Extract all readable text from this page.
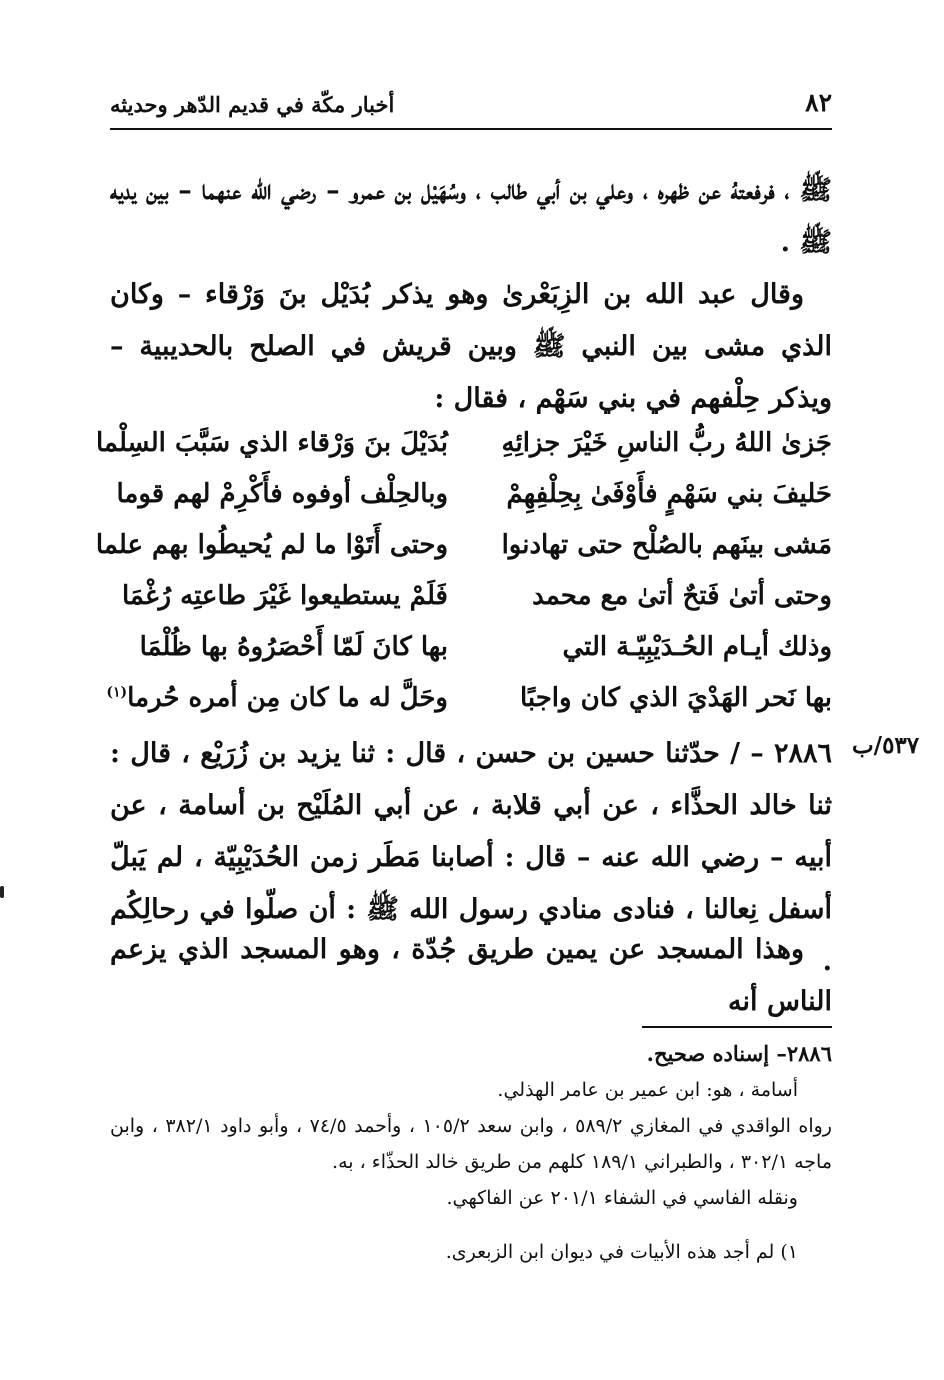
٨٢
أخبار مكّة في قديم الدّهر وحديثه

ﷺ ، فرفعتهُ عن ظهره ، وعلي بن أبي طالب ، وسُهَيْل بن عمرو – رضي الله عنهما – بين يديه ﷺ .

وقال عبد الله بن الزِبَعْرىٰ وهو يذكر بُدَيْل بنَ وَرْقاء – وكان الذي مشى بين النبي ﷺ وبين قريش في الصلح بالحديبية – ويذكر حِلْفهم في بني سَهْم ، فقال :

جَزىٰ اللهُ ربُّ الناسِ خَيْرَ جزائِهِ
بُدَيْلَ بنَ وَرْقاء الذي سَبَّبَ السِلْما
حَليفَ بني سَهْمٍ فأَوْفَىٰ بِحِلْفِهِمْ
وبالحِلْف أوفوه فأَكْرِمْ لهم قوما
مَشى بينَهم بالصُلْح حتى تهادنوا
وحتى أَتَوْا ما لم يُحيطُوا بهم علما
وحتى أتىٰ فَتحٌ أتىٰ مع محمد
فَلَمْ يستطيعوا غَيْرَ طاعتِه رُغْمَا
وذلك أيـام الحُـدَيْبِيّـة التي
بها كانَ لَمّا أَحْصَرُوهُ بها ظُلْمَا
بها نَحر الهَدْيَ الذي كان واجبًا
وحَلَّ له ما كان مِن أمره حُرما$^{(١)}$
٥٣٧/ب

٢٨٨٦ – / حدّثنا حسين بن حسن ، قال : ثنا يزيد بن زُرَيْع ، قال : ثنا خالد الحذَّاء ، عن أبي قلابة ، عن أبي المُلَيْح بن أسامة ، عن أبيه – رضي الله عنه – قال : أصابنا مَطَر زمن الحُدَيْبِيّة ، لم يَبلّ أسفل نِعالنا ، فنادى منادي رسول الله ﷺ : أن صلّوا في رحالِكُم .

وهذا المسجد عن يمين طريق جُدّة ، وهو المسجد الذي يزعم الناس أنه

٢٨٨٦– إسناده صحيح.

أسامة ، هو: ابن عمير بن عامر الهذلي.

رواه الواقدي في المغازي ٥٨٩/٢ ، وابن سعد ١٠٥/٢ ، وأحمد ٧٤/٥ ، وأبو داود ٣٨٢/١ ، وابن ماجه ٣٠٢/١ ، والطبراني ١٨٩/١ كلهم من طريق خالد الحذّاء ، به.

ونقله الفاسي في الشفاء ٢٠١/١ عن الفاكهي.

١) لم أجد هذه الأبيات في ديوان ابن الزبعرى.
